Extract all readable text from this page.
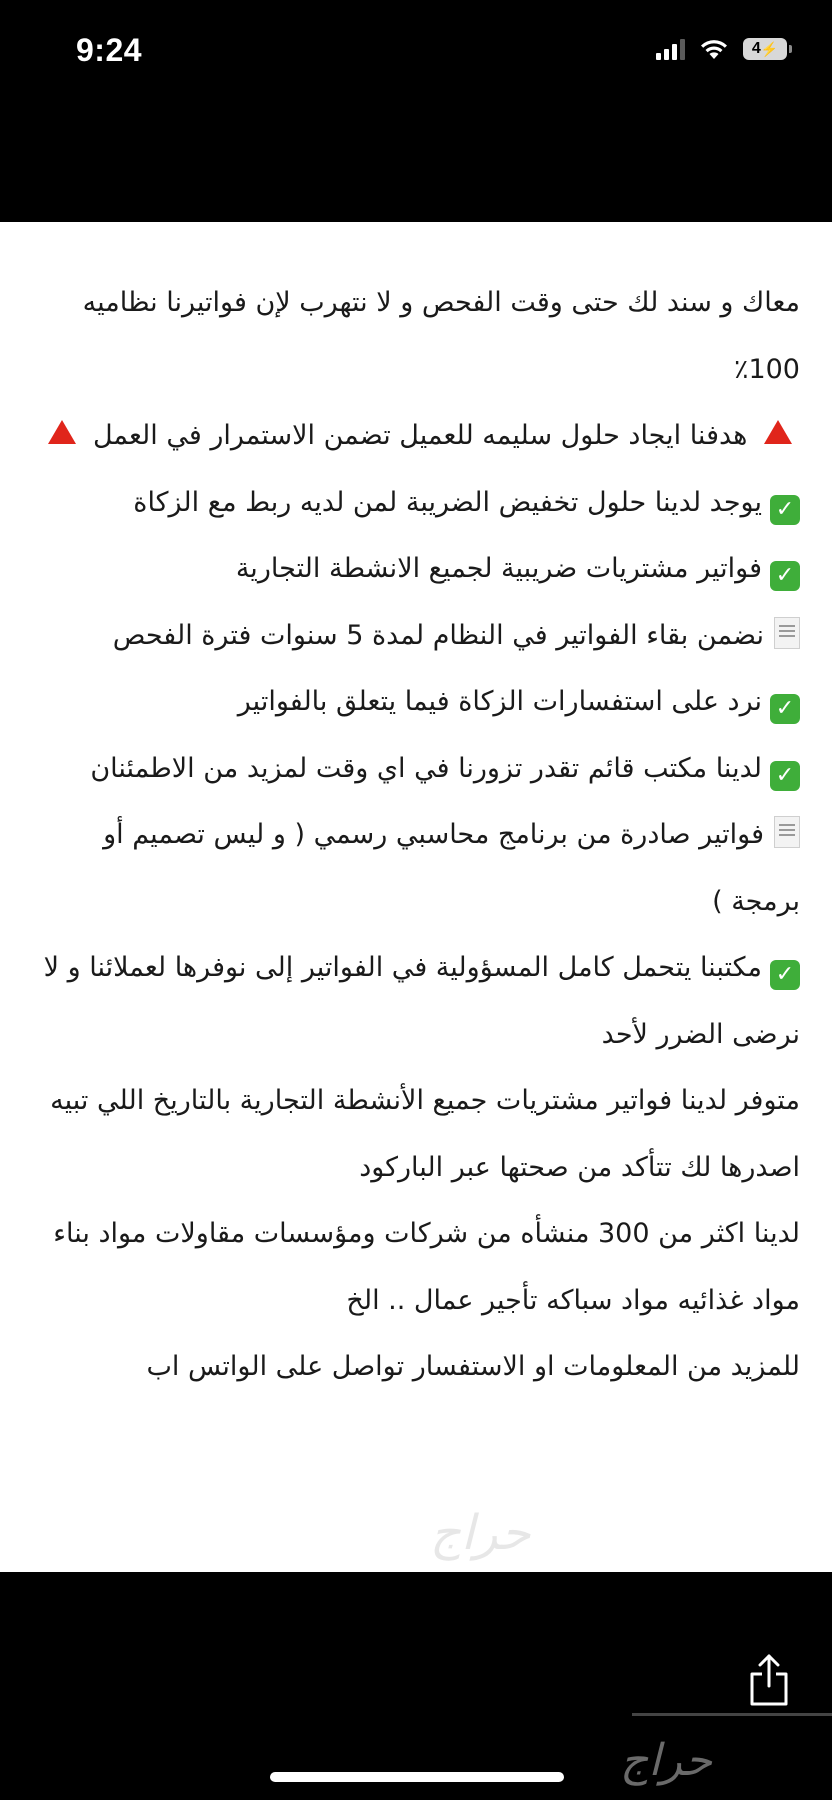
9:24	4 ⚡

معاك و سند لك حتى وقت الفحص و لا نتهرب لإن فواتيرنا نظاميه 100٪

هدفنا ايجاد حلول سليمه للعميل تضمن الاستمرار في العمل

✓يوجد لدينا حلول تخفيض الضريبة لمن لديه ربط مع الزكاة

✓فواتير مشتريات ضريبية لجميع الانشطة التجارية

نضمن بقاء الفواتير في النظام لمدة 5 سنوات فترة الفحص

✓نرد على استفسارات الزكاة فيما يتعلق بالفواتير

✓لدينا مكتب قائم تقدر تزورنا في اي وقت لمزيد من الاطمئنان

فواتير صادرة من برنامج محاسبي رسمي ( و ليس تصميم أو برمجة )

✓مكتبنا يتحمل كامل المسؤولية في الفواتير إلى نوفرها لعملائنا و لا نرضى الضرر لأحد

متوفر لدينا فواتير مشتريات جميع الأنشطة التجارية بالتاريخ اللي تبيه اصدرها لك تتأكد من صحتها عبر الباركود

لدينا اكثر من 300 منشأه من شركات ومؤسسات مقاولات مواد بناء مواد غذائيه مواد سباكه تأجير عمال .. الخ

للمزيد من المعلومات او الاستفسار تواصل على الواتس اب

حراج
حراج
